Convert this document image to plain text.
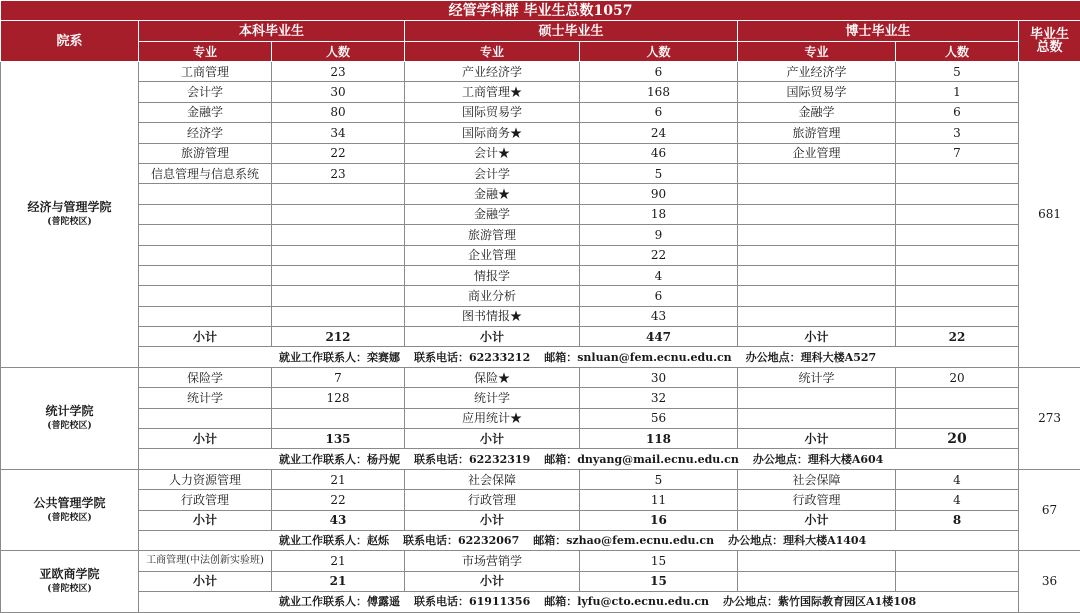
经管学科群 毕业生总数1057							
院系	本科毕业生		硕士毕业生		博士毕业生		毕业生
总数
	专业	人数	专业	人数	专业	人数	

经济与管理学院
(普陀校区)	工商管理	23	产业经济学	6	产业经济学	5	681
	会计学	30	工商管理★	168	国际贸易学	1	
	金融学	80	国际贸易学	6	金融学	6	
	经济学	34	国际商务★	24	旅游管理	3	
	旅游管理	22	会计★	46	企业管理	7	
	信息管理与信息系统	23	会计学	5			
			金融★	90			
			金融学	18			
			旅游管理	9			
			企业管理	22			
			情报学	4			
			商业分析	6			
			图书情报★	43			
	小计	212	小计	447	小计	22	
	就业工作联系人：栾赛娜 联系电话：62233212 邮箱：snluan@fem.ecnu.edu.cn 办公地点：理科大楼A527						

统计学院
(普陀校区)	保险学	7	保险★	30	统计学	20	273
	统计学	128	统计学	32			
			应用统计★	56			
	小计	135	小计	118	小计	20	
	就业工作联系人：杨丹妮 联系电话：62232319 邮箱：dnyang@mail.ecnu.edu.cn 办公地点：理科大楼A604						

公共管理学院
(普陀校区)	人力资源管理	21	社会保障	5	社会保障	4	67
	行政管理	22	行政管理	11	行政管理	4	
	小计	43	小计	16	小计	8	
	就业工作联系人：赵烁 联系电话：62232067 邮箱：szhao@fem.ecnu.edu.cn 办公地点：理科大楼A1404						

亚欧商学院
(普陀校区)	工商管理(中法创新实验班)	21	市场营销学	15			36
	小计	21	小计	15			
	就业工作联系人：傅露遥 联系电话：61911356 邮箱：lyfu@cto.ecnu.edu.cn 办公地点：紫竹国际教育园区A1楼108						
